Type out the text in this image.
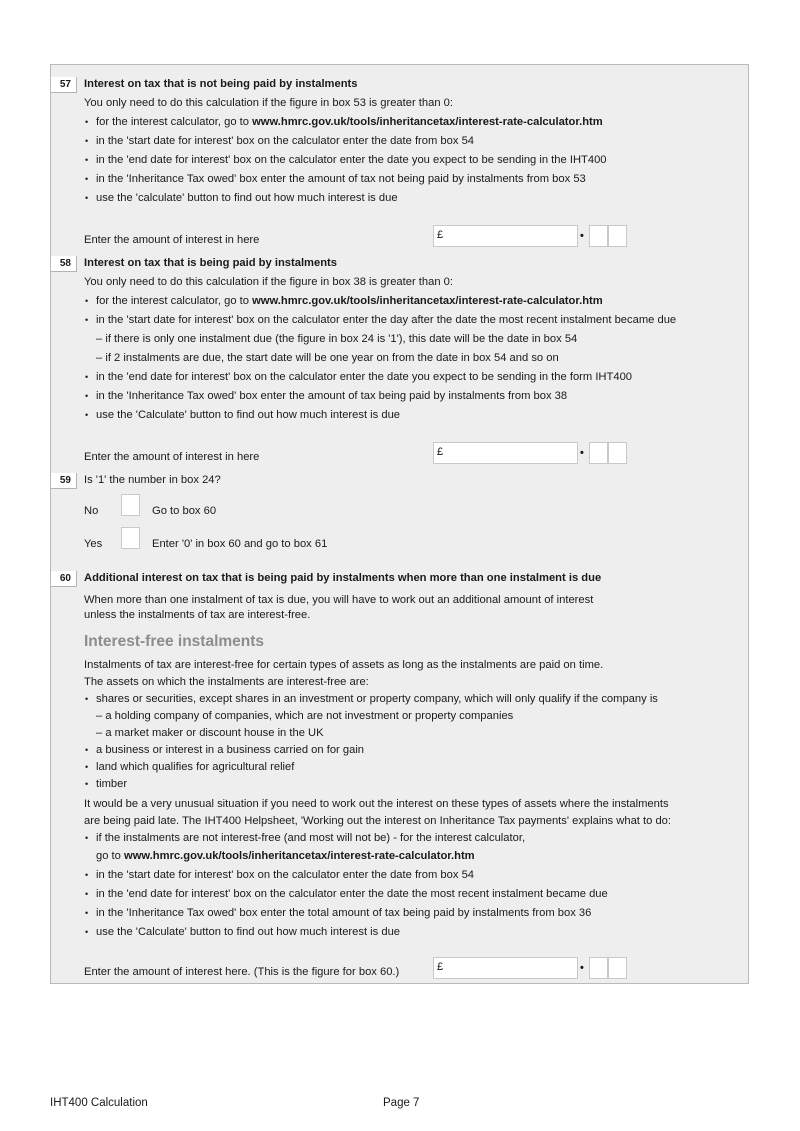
57	Interest on tax that is not being paid by instalments
You only need to do this calculation if the figure in box 53 is greater than 0:
• for the interest calculator, go to www.hmrc.gov.uk/tools/inheritancetax/interest-rate-calculator.htm
• in the 'start date for interest' box on the calculator enter the date from box 54
• in the 'end date for interest' box on the calculator enter the date you expect to be sending in the IHT400
• in the 'Inheritance Tax owed' box enter the amount of tax not being paid by instalments from box 53
• use the 'calculate' button to find out how much interest is due
Enter the amount of interest in here	£	•
58	Interest on tax that is being paid by instalments
You only need to do this calculation if the figure in box 38 is greater than 0:
• for the interest calculator, go to www.hmrc.gov.uk/tools/inheritancetax/interest-rate-calculator.htm
• in the 'start date for interest' box on the calculator enter the day after the date the most recent instalment became due
– if there is only one instalment due (the figure in box 24 is '1'), this date will be the date in box 54
– if 2 instalments are due, the start date will be one year on from the date in box 54 and so on
• in the 'end date for interest' box on the calculator enter the date you expect to be sending in the form IHT400
• in the 'Inheritance Tax owed' box enter the amount of tax being paid by instalments from box 38
• use the 'Calculate' button to find out how much interest is due
Enter the amount of interest in here	£	•
59	Is '1' the number in box 24?
No	Go to box 60
Yes	Enter '0' in box 60 and go to box 61
60	Additional interest on tax that is being paid by instalments when more than one instalment is due
When more than one instalment of tax is due, you will have to work out an additional amount of interest
unless the instalments of tax are interest-free.
Interest-free instalments
Instalments of tax are interest-free for certain types of assets as long as the instalments are paid on time.
The assets on which the instalments are interest-free are:
• shares or securities, except shares in an investment or property company, which will only qualify if the company is
– a holding company of companies, which are not investment or property companies
– a market maker or discount house in the UK
• a business or interest in a business carried on for gain
• land which qualifies for agricultural relief
• timber
It would be a very unusual situation if you need to work out the interest on these types of assets where the instalments
are being paid late. The IHT400 Helpsheet, 'Working out the interest on Inheritance Tax payments' explains what to do:
• if the instalments are not interest-free (and most will not be) - for the interest calculator,
go to www.hmrc.gov.uk/tools/inheritancetax/interest-rate-calculator.htm
• in the 'start date for interest' box on the calculator enter the date from box 54
• in the 'end date for interest' box on the calculator enter the date the most recent instalment became due
• in the 'Inheritance Tax owed' box enter the total amount of tax being paid by instalments from box 36
• use the 'Calculate' button to find out how much interest is due
Enter the amount of interest here. (This is the figure for box 60.)	£	•
IHT400 Calculation	Page 7
